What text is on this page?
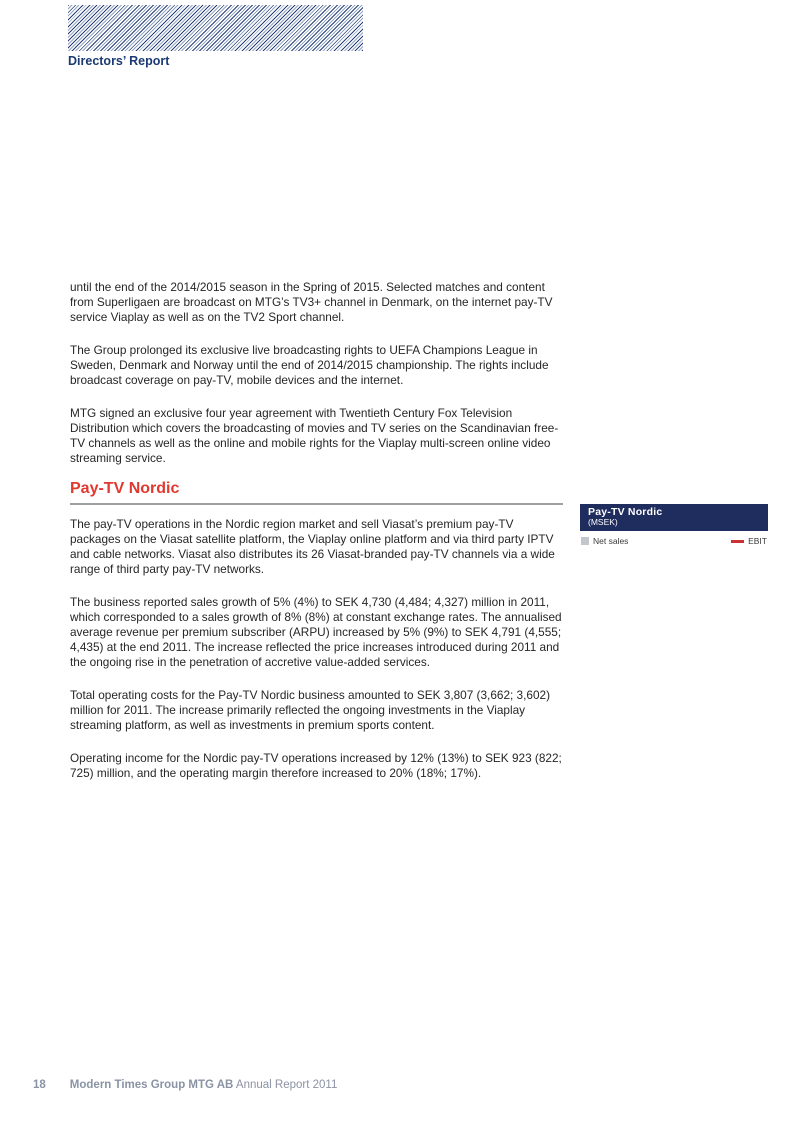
Directors’ Report

until the end of the 2014/2015 season in the Spring of 2015. Selected matches and content from Superligaen are broadcast on MTG’s TV3+ channel in Denmark, on the internet pay-TV service Viaplay as well as on the TV2 Sport channel.

The Group prolonged its exclusive live broadcasting rights to UEFA Champions League in Sweden, Denmark and Norway until the end of 2014/2015 championship. The rights include broadcast coverage on pay-TV, mobile devices and the internet.

MTG signed an exclusive four year agreement with Twentieth Century Fox Television Distribution which covers the broadcasting of movies and TV series on the Scandinavian free-TV channels as well as the online and mobile rights for the Viaplay multi-screen online video streaming service.

Pay-TV Nordic

The pay-TV operations in the Nordic region market and sell Viasat’s premium pay-TV packages on the Viasat satellite platform, the Viaplay online platform and via third party IPTV and cable networks. Viasat also distributes its 26 Viasat-branded pay-TV channels via a wide range of third party pay-TV networks.

The business reported sales growth of 5% (4%) to SEK 4,730 (4,484; 4,327) million in 2011, which corresponded to a sales growth of 8% (8%) at constant exchange rates. The annualised average revenue per premium subscriber (ARPU) increased by 5% (9%) to SEK 4,791 (4,555; 4,435) at the end 2011. The increase reflected the price increases introduced during 2011 and the ongoing rise in the penetration of accretive value-added services.

Total operating costs for the Pay-TV Nordic business amounted to SEK 3,807 (3,662; 3,602) million for 2011. The increase primarily reflected the ongoing investments in the Viaplay streaming platform, as well as investments in premium sports content.

Operating income for the Nordic pay-TV operations increased by 12% (13%) to SEK 923 (822; 725) million, and the operating margin therefore increased to 20% (18%; 17%).

Pay-TV Nordic
(MSEK)
Net sales	EBIT
18 Modern Times Group MTG AB Annual Report 2011
